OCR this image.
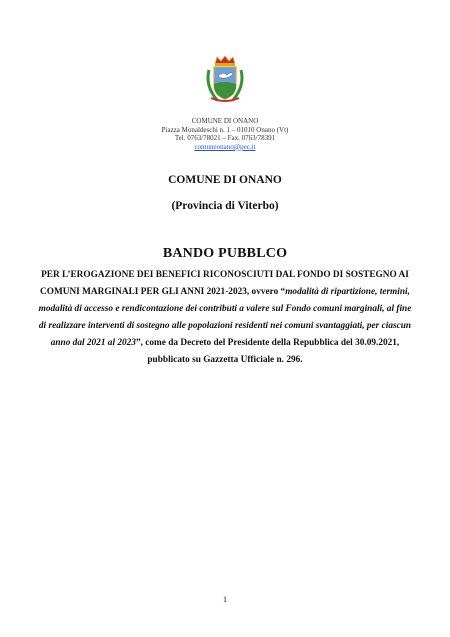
COMUNE DI ONANO
Piazza Monaldeschi n. 1 – 01010 Onano (Vt)
Tel. 0763/78021 – Fax. 0763/78391
comuneonano@pec.it
COMUNE DI ONANO
(Provincia di Viterbo)
BANDO PUBBLCO
PER L’EROGAZIONE DEI BENEFICI RICONOSCIUTI DAL FONDO DI SOSTEGNO AI
COMUNI MARGINALI PER GLI ANNI 2021-2023, ovvero “modalità di ripartizione, termini,
modalità di accesso e rendicontazione dei contributi a valere sul Fondo comuni marginali, al fine
di realizzare interventi di sostegno alle popolazioni residenti nei comuni svantaggiati, per ciascun
anno dal 2021 al 2023”, come da Decreto del Presidente della Repubblica del 30.09.2021,
pubblicato su Gazzetta Ufficiale n. 296.
1
